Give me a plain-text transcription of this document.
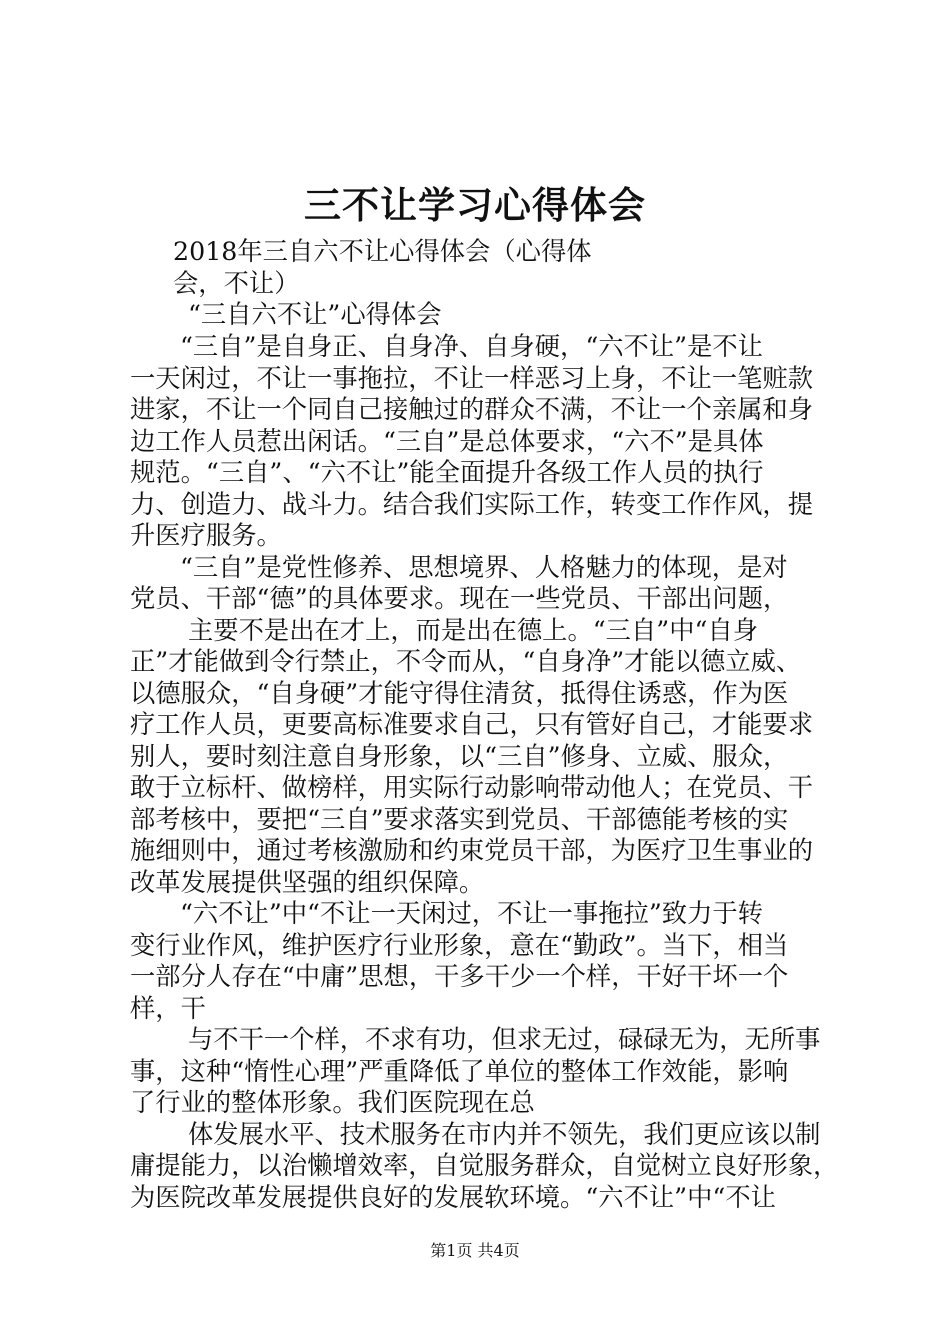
三不让学习心得体会
2018年三自六不让心得体会（心得体
会，不让）
“三自六不让”心得体会
“三自”是自身正、自身净、自身硬，“六不让”是不让
一天闲过，不让一事拖拉，不让一样恶习上身，不让一笔赃款
进家，不让一个同自己接触过的群众不满，不让一个亲属和身
边工作人员惹出闲话。“三自”是总体要求，“六不”是具体
规范。“三自”、“六不让”能全面提升各级工作人员的执行
力、创造力、战斗力。结合我们实际工作，转变工作作风，提
升医疗服务。
“三自”是党性修养、思想境界、人格魅力的体现，是对
党员、干部“德”的具体要求。现在一些党员、干部出问题，
主要不是出在才上，而是出在德上。“三自”中“自身
正”才能做到令行禁止，不令而从，“自身净”才能以德立威、
以德服众，“自身硬”才能守得住清贫，抵得住诱惑，作为医
疗工作人员，更要高标准要求自己，只有管好自己，才能要求
别人，要时刻注意自身形象，以“三自”修身、立威、服众，
敢于立标杆、做榜样，用实际行动影响带动他人；在党员、干
部考核中，要把“三自”要求落实到党员、干部德能考核的实
施细则中，通过考核激励和约束党员干部，为医疗卫生事业的
改革发展提供坚强的组织保障。
“六不让”中“不让一天闲过，不让一事拖拉”致力于转
变行业作风，维护医疗行业形象，意在“勤政”。当下，相当
一部分人存在“中庸”思想，干多干少一个样，干好干坏一个
样，干
与不干一个样，不求有功，但求无过，碌碌无为，无所事
事，这种“惰性心理”严重降低了单位的整体工作效能，影响
了行业的整体形象。我们医院现在总
体发展水平、技术服务在市内并不领先，我们更应该以制
庸提能力，以治懒增效率，自觉服务群众，自觉树立良好形象，
为医院改革发展提供良好的发展软环境。“六不让”中“不让
第1页 共4页
